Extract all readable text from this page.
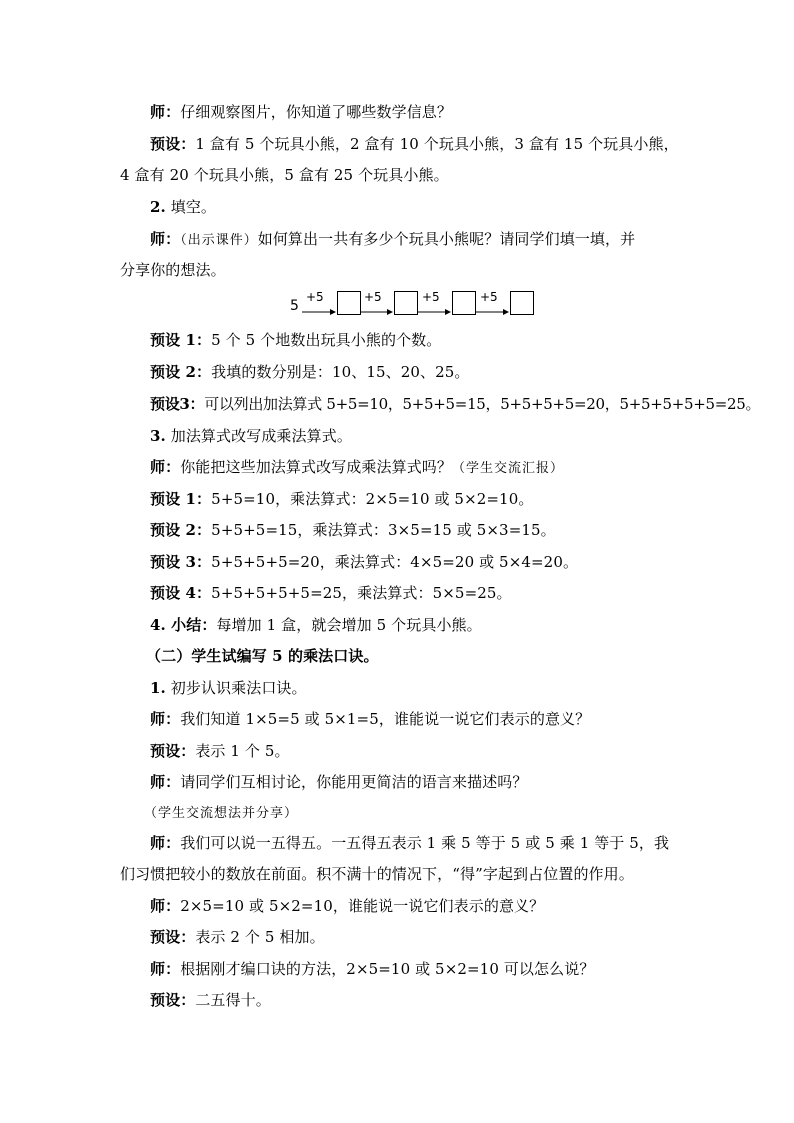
师：仔细观察图片，你知道了哪些数学信息？
预设：1 盒有 5 个玩具小熊，2 盒有 10 个玩具小熊，3 盒有 15 个玩具小熊，
4 盒有 20 个玩具小熊，5 盒有 25 个玩具小熊。
2. 填空。
师：（出示课件）如何算出一共有多少个玩具小熊呢？请同学们填一填，并
分享你的想法。
5
+5	+5	+5	+5
预设 1：5 个 5 个地数出玩具小熊的个数。
预设 2：我填的数分别是：10、15、20、25。
预设3：可以列出加法算式 5+5=10，5+5+5=15，5+5+5+5=20，5+5+5+5+5=25。
3. 加法算式改写成乘法算式。
师：你能把这些加法算式改写成乘法算式吗？（学生交流汇报）
预设 1：5+5=10，乘法算式：2×5=10 或 5×2=10。
预设 2：5+5+5=15，乘法算式：3×5=15 或 5×3=15。
预设 3：5+5+5+5=20，乘法算式：4×5=20 或 5×4=20。
预设 4：5+5+5+5+5=25，乘法算式：5×5=25。
4. 小结：每增加 1 盒，就会增加 5 个玩具小熊。
（二）学生试编写 5 的乘法口诀。
1. 初步认识乘法口诀。
师：我们知道 1×5=5 或 5×1=5，谁能说一说它们表示的意义？
预设：表示 1 个 5。
师：请同学们互相讨论，你能用更简洁的语言来描述吗？
（学生交流想法并分享）
师：我们可以说一五得五。一五得五表示 1 乘 5 等于 5 或 5 乘 1 等于 5，我
们习惯把较小的数放在前面。积不满十的情况下，“得”字起到占位置的作用。
师：2×5=10 或 5×2=10，谁能说一说它们表示的意义？
预设：表示 2 个 5 相加。
师：根据刚才编口诀的方法，2×5=10 或 5×2=10 可以怎么说？
预设：二五得十。
